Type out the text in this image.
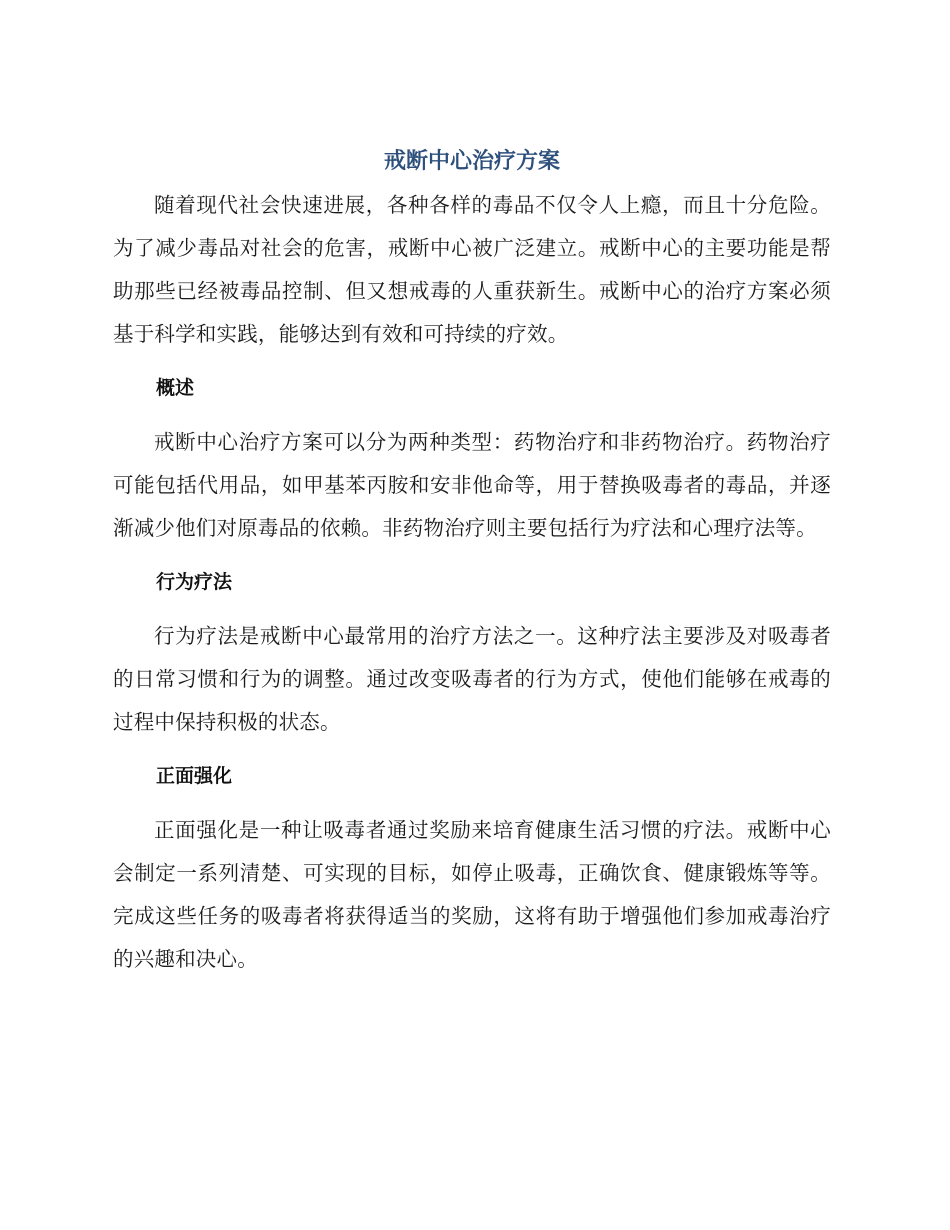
戒断中心治疗方案

随着现代社会快速进展，各种各样的毒品不仅令人上瘾，而且十分危险。为了减少毒品对社会的危害，戒断中心被广泛建立。戒断中心的主要功能是帮助那些已经被毒品控制、但又想戒毒的人重获新生。戒断中心的治疗方案必须基于科学和实践，能够达到有效和可持续的疗效。

概述

戒断中心治疗方案可以分为两种类型：药物治疗和非药物治疗。药物治疗可能包括代用品，如甲基苯丙胺和安非他命等，用于替换吸毒者的毒品，并逐渐减少他们对原毒品的依赖。非药物治疗则主要包括行为疗法和心理疗法等。

行为疗法

行为疗法是戒断中心最常用的治疗方法之一。这种疗法主要涉及对吸毒者的日常习惯和行为的调整。通过改变吸毒者的行为方式，使他们能够在戒毒的过程中保持积极的状态。

正面强化

正面强化是一种让吸毒者通过奖励来培育健康生活习惯的疗法。戒断中心会制定一系列清楚、可实现的目标，如停止吸毒，正确饮食、健康锻炼等等。完成这些任务的吸毒者将获得适当的奖励，这将有助于增强他们参加戒毒治疗的兴趣和决心。
